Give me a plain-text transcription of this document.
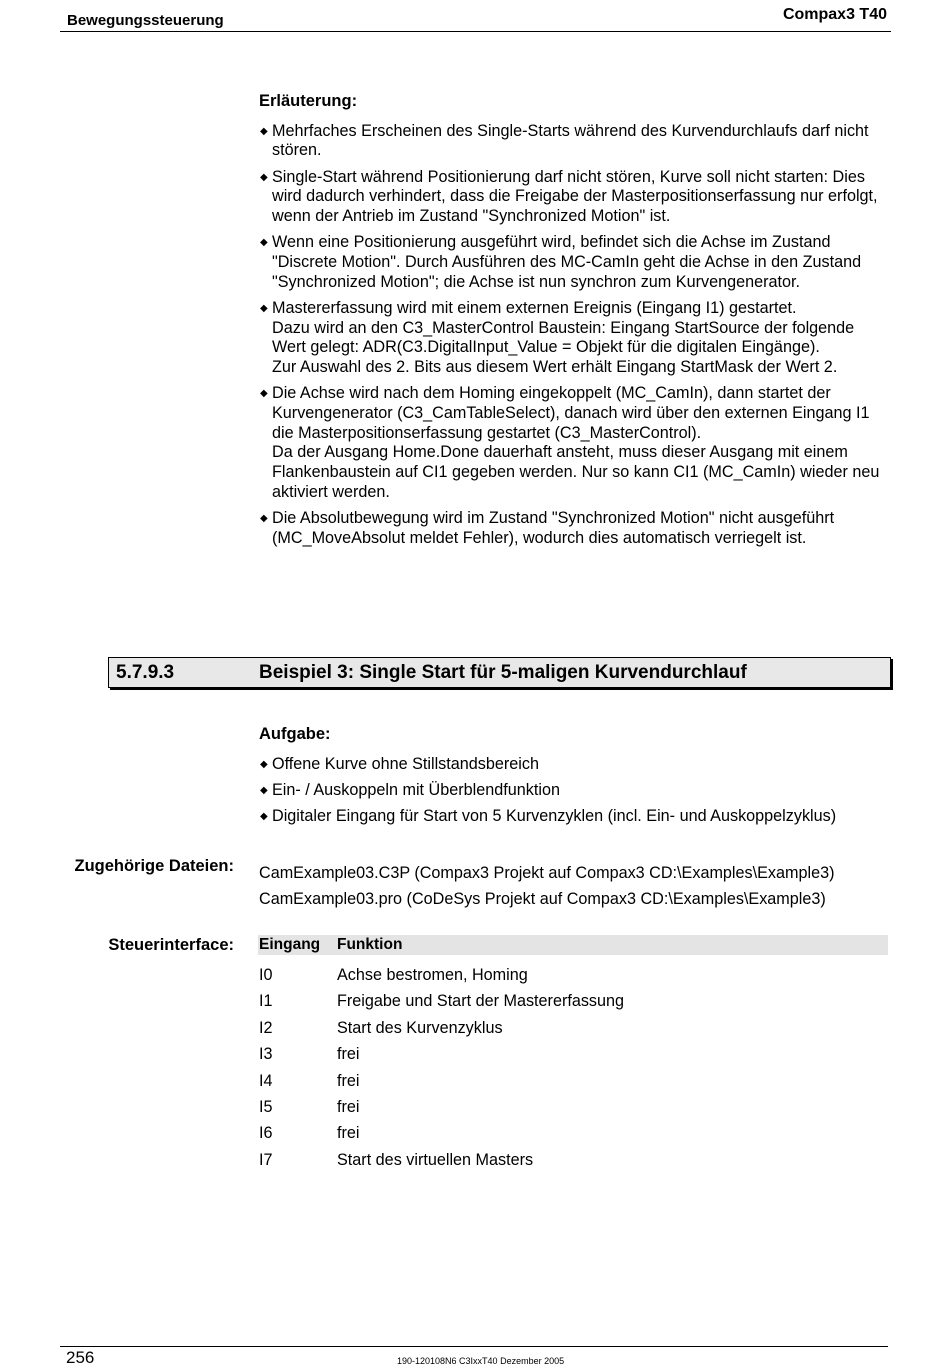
Bewegungssteuerung	Compax3 T40
Erläuterung:
◆ Mehrfaches Erscheinen des Single-Starts während des Kurvendurchlaufs darf nicht stören.
◆ Single-Start während Positionierung darf nicht stören, Kurve soll nicht starten: Dies wird dadurch verhindert, dass die Freigabe der Masterpositionserfassung nur erfolgt, wenn der Antrieb im Zustand "Synchronized Motion" ist.
◆ Wenn eine Positionierung ausgeführt wird, befindet sich die Achse im Zustand "Discrete Motion". Durch Ausführen des MC-CamIn geht die Achse in den Zustand "Synchronized Motion"; die Achse ist nun synchron zum Kurvengenerator.
◆ Mastererfassung wird mit einem externen Ereignis (Eingang I1) gestartet.
Dazu wird an den C3_MasterControl Baustein: Eingang StartSource der folgende Wert gelegt: ADR(C3.DigitalInput_Value = Objekt für die digitalen Eingänge).
Zur Auswahl des 2. Bits aus diesem Wert erhält Eingang StartMask der Wert 2.
◆ Die Achse wird nach dem Homing eingekoppelt (MC_CamIn), dann startet der Kurvengenerator (C3_CamTableSelect), danach wird über den externen Eingang I1 die Masterpositionserfassung gestartet (C3_MasterControl).
Da der Ausgang Home.Done dauerhaft ansteht, muss dieser Ausgang mit einem Flankenbaustein auf CI1 gegeben werden. Nur so kann CI1 (MC_CamIn) wieder neu aktiviert werden.
◆ Die Absolutbewegung wird im Zustand "Synchronized Motion" nicht ausgeführt (MC_MoveAbsolut meldet Fehler), wodurch dies automatisch verriegelt ist.
5.7.9.3	Beispiel 3: Single Start für 5-maligen Kurvendurchlauf
Aufgabe:
◆ Offene Kurve ohne Stillstandsbereich
◆ Ein- / Auskoppeln mit Überblendfunktion
◆ Digitaler Eingang für Start von 5 Kurvenzyklen (incl. Ein- und Auskoppelzyklus)
Zugehörige Dateien: CamExample03.C3P (Compax3 Projekt auf Compax3 CD:\Examples\Example3)
CamExample03.pro (CoDeSys Projekt auf Compax3 CD:\Examples\Example3)
Steuerinterface: Eingang	Funktion
I0	Achse bestromen, Homing
I1	Freigabe und Start der Mastererfassung
I2	Start des Kurvenzyklus
I3	frei
I4	frei
I5	frei
I6	frei
I7	Start des virtuellen Masters
256	190-120108N6 C3IxxT40 Dezember 2005
